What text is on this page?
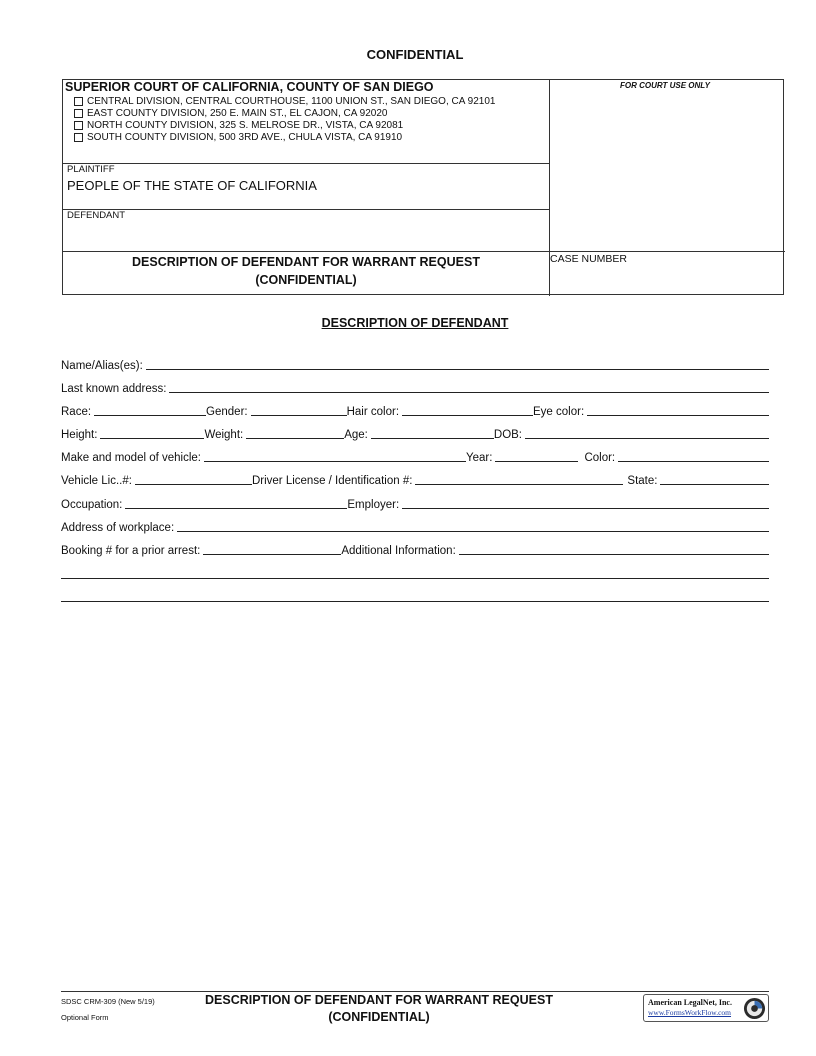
CONFIDENTIAL
SUPERIOR COURT OF CALIFORNIA, COUNTY OF SAN DIEGO
CENTRAL DIVISION, CENTRAL COURTHOUSE, 1100 UNION ST., SAN DIEGO, CA 92101
EAST COUNTY DIVISION, 250 E. MAIN ST., EL CAJON, CA 92020
NORTH COUNTY DIVISION, 325 S. MELROSE DR., VISTA, CA 92081
SOUTH COUNTY DIVISION, 500 3RD AVE., CHULA VISTA, CA 91910
FOR COURT USE ONLY
PLAINTIFF
PEOPLE OF THE STATE OF CALIFORNIA
DEFENDANT
DESCRIPTION OF DEFENDANT FOR WARRANT REQUEST
(CONFIDENTIAL)
CASE NUMBER
DESCRIPTION OF DEFENDANT
Name/Alias(es):
Last known address:
Race:	Gender:	Hair color:	Eye color:
Height:	Weight:	Age:	DOB:
Make and model of vehicle:	Year:	Color:
Vehicle Lic..#:	Driver License / Identification #:	State:
Occupation:	Employer:
Address of workplace:
Booking # for a prior arrest:	Additional Information:
SDSC CRM-309 (New 5/19)
Optional Form
DESCRIPTION OF DEFENDANT FOR WARRANT REQUEST
(CONFIDENTIAL)
American LegalNet, Inc.
www.FormsWorkFlow.com
